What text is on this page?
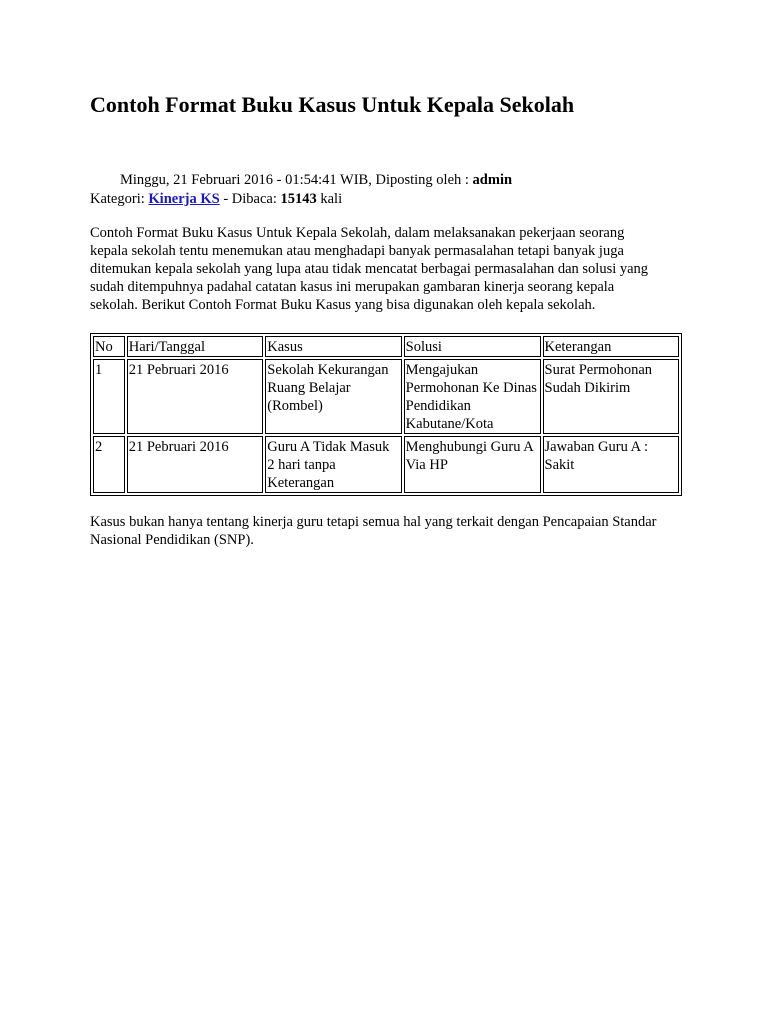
Contoh Format Buku Kasus Untuk Kepala Sekolah
Minggu, 21 Februari 2016 - 01:54:41 WIB, Diposting oleh : admin
Kategori: Kinerja KS - Dibaca: 15143 kali

Contoh Format Buku Kasus Untuk Kepala Sekolah, dalam melaksanakan pekerjaan seorang kepala sekolah tentu menemukan atau menghadapi banyak permasalahan tetapi banyak juga ditemukan kepala sekolah yang lupa atau tidak mencatat berbagai permasalahan dan solusi yang sudah ditempuhnya padahal catatan kasus ini merupakan gambaran kinerja seorang kepala sekolah. Berikut Contoh Format Buku Kasus yang bisa digunakan oleh kepala sekolah.

No	Hari/Tanggal	Kasus	Solusi	Keterangan
1	21 Pebruari 2016	Sekolah Kekurangan Ruang Belajar (Rombel)	Mengajukan Permohonan Ke Dinas Pendidikan Kabutane/Kota	Surat Permohonan Sudah Dikirim
2	21 Pebruari 2016	Guru A Tidak Masuk 2 hari tanpa Keterangan	Menghubungi Guru A Via HP	Jawaban Guru A : Sakit

Kasus bukan hanya tentang kinerja guru tetapi semua hal yang terkait dengan Pencapaian Standar Nasional Pendidikan (SNP).
